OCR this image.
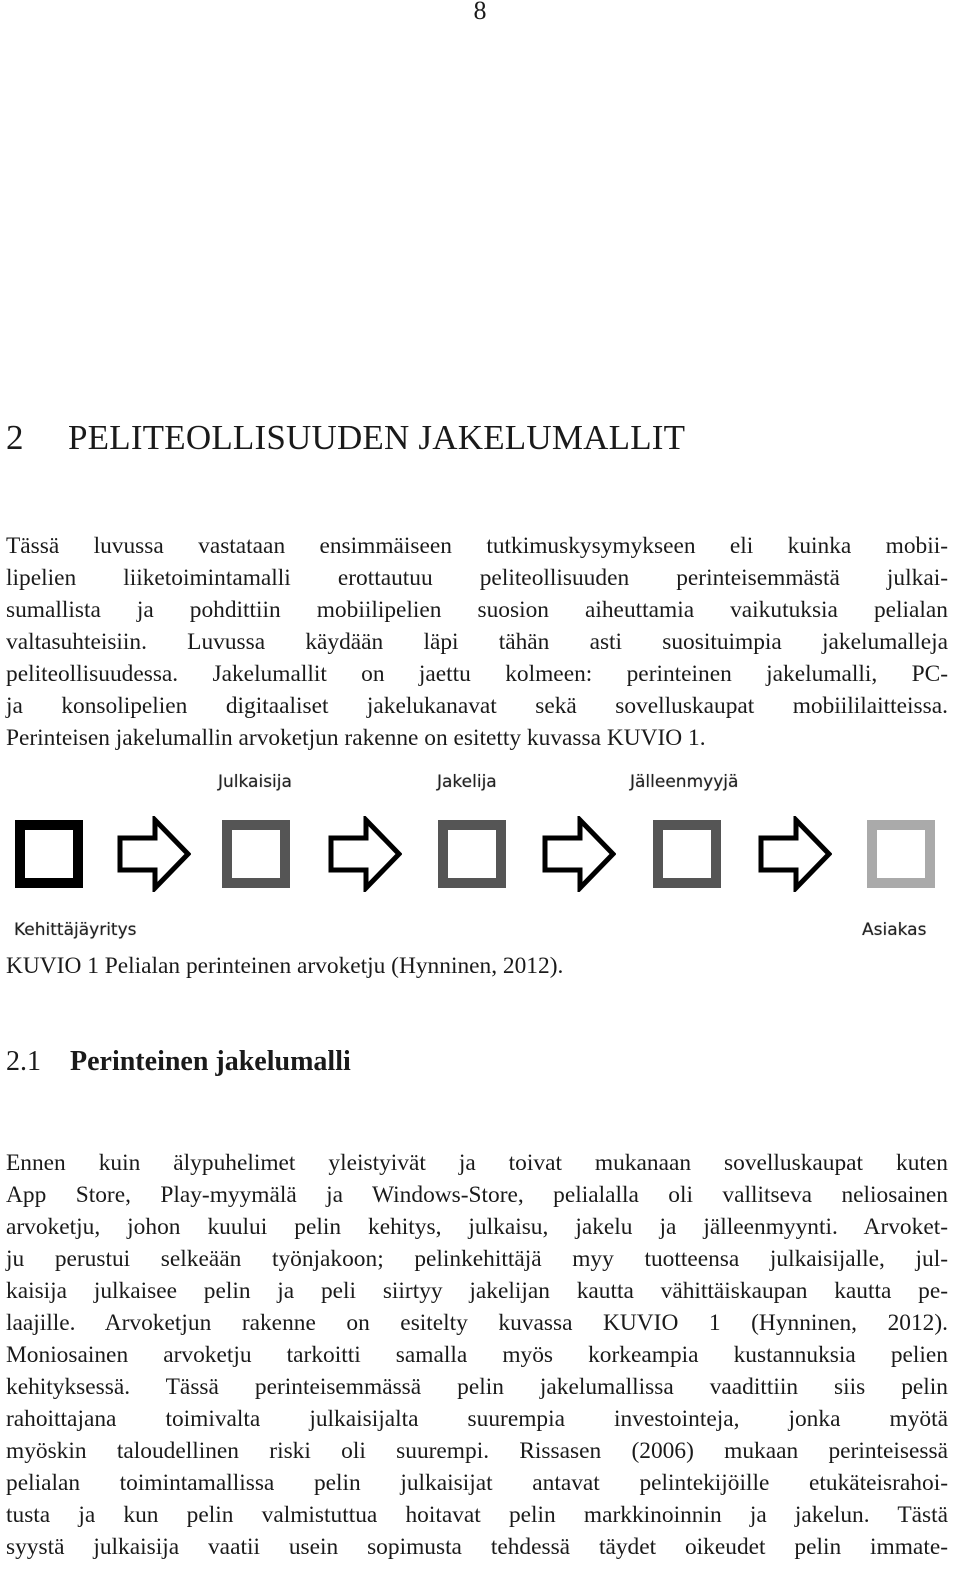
8
2 PELITEOLLISUUDEN JAKELUMALLIT
Tässä luvussa vastataan ensimmäiseen tutkimuskysymykseen eli kuinka mobii-
lipelien liiketoimintamalli erottautuu peliteollisuuden perinteisemmästä julkai-
sumallista ja pohdittiin mobiilipelien suosion aiheuttamia vaikutuksia pelialan
valtasuhteisiin. Luvussa käydään läpi tähän asti suosituimpia jakelumalleja
peliteollisuudessa. Jakelumallit on jaettu kolmeen: perinteinen jakelumalli, PC-
ja konsolipelien digitaaliset jakelukanavat sekä sovelluskaupat mobiililaitteissa.
Perinteisen jakelumallin arvoketjun rakenne on esitetty kuvassa KUVIO 1.
Julkaisija	Jakelija	Jälleenmyyjä
Kehittäjäyritys	Asiakas
KUVIO 1 Pelialan perinteinen arvoketju (Hynninen, 2012).
2.1 Perinteinen jakelumalli
Ennen kuin älypuhelimet yleistyivät ja toivat mukanaan sovelluskaupat kuten
App Store, Play-myymälä ja Windows-Store, pelialalla oli vallitseva neliosainen
arvoketju, johon kuului pelin kehitys, julkaisu, jakelu ja jälleenmyynti. Arvoket-
ju perustui selkeään työnjakoon; pelinkehittäjä myy tuotteensa julkaisijalle, jul-
kaisija julkaisee pelin ja peli siirtyy jakelijan kautta vähittäiskaupan kautta pe-
laajille. Arvoketjun rakenne on esitelty kuvassa KUVIO 1 (Hynninen, 2012).
Moniosainen arvoketju tarkoitti samalla myös korkeampia kustannuksia pelien
kehityksessä. Tässä perinteisemmässä pelin jakelumallissa vaadittiin siis pelin
rahoittajana toimivalta julkaisijalta suurempia investointeja, jonka myötä
myöskin taloudellinen riski oli suurempi. Rissasen (2006) mukaan perinteisessä
pelialan toimintamallissa pelin julkaisijat antavat pelintekijöille etukäteisrahoi-
tusta ja kun pelin valmistuttua hoitavat pelin markkinoinnin ja jakelun. Tästä
syystä julkaisija vaatii usein sopimusta tehdessä täydet oikeudet pelin immate-
